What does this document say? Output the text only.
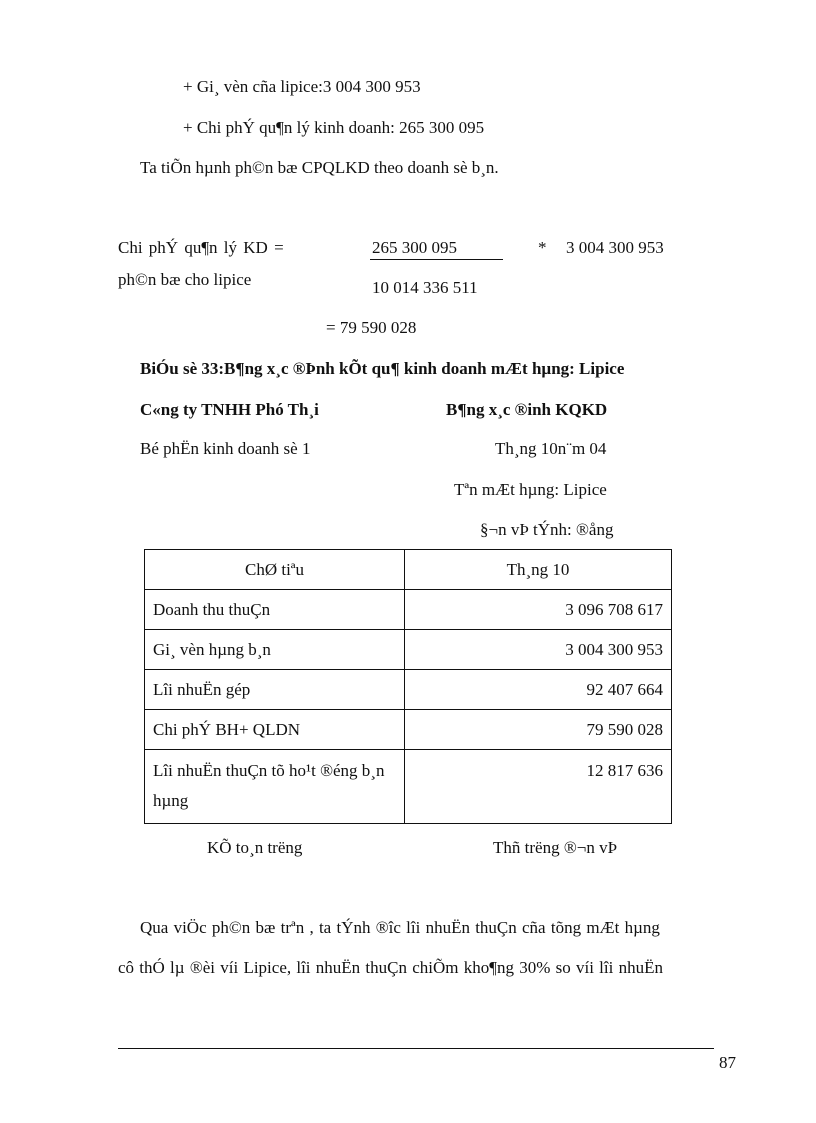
+ Gi¸ vèn cña lipice:3 004 300 953
+ Chi phÝ qu¶n lý kinh doanh: 265 300 095
Ta tiÕn hµnh ph©n bæ CPQLKD theo doanh sè b¸n.
Chi phÝ qu¶n lý KD =
ph©n bæ cho lipice
265 300 095
10 014 336 511
* 3 004 300 953
= 79 590 028
BiÓu sè 33:B¶ng x¸c ®Þnh kÕt qu¶ kinh doanh mÆt hµng: Lipice
C«ng ty TNHH Phó Th¸i	B¶ng x¸c ®inh KQKD
Bé phËn kinh doanh sè 1	Th¸ng 10n¨m 04
Tªn mÆt hµng: Lipice
§¬n vÞ tÝnh: ®ång
ChØ tiªu	Th¸ng 10
Doanh thu thuÇn	3 096 708 617
Gi¸ vèn hµng b¸n	3 004 300 953
Lîi nhuËn gép	92 407 664
Chi phÝ BH+ QLDN	79 590 028
Lîi nhuËn thuÇn tõ ho¹t ®éng b¸n hµng	12 817 636
KÕ to¸n trëng	Thñ trëng ®¬n vÞ
Qua viÖc ph©n bæ trªn , ta tÝnh ®îc lîi nhuËn thuÇn cña tõng mÆt hµng
cô thÓ lµ ®èi víi Lipice, lîi nhuËn thuÇn chiÕm kho¶ng 30% so víi lîi nhuËn
87
